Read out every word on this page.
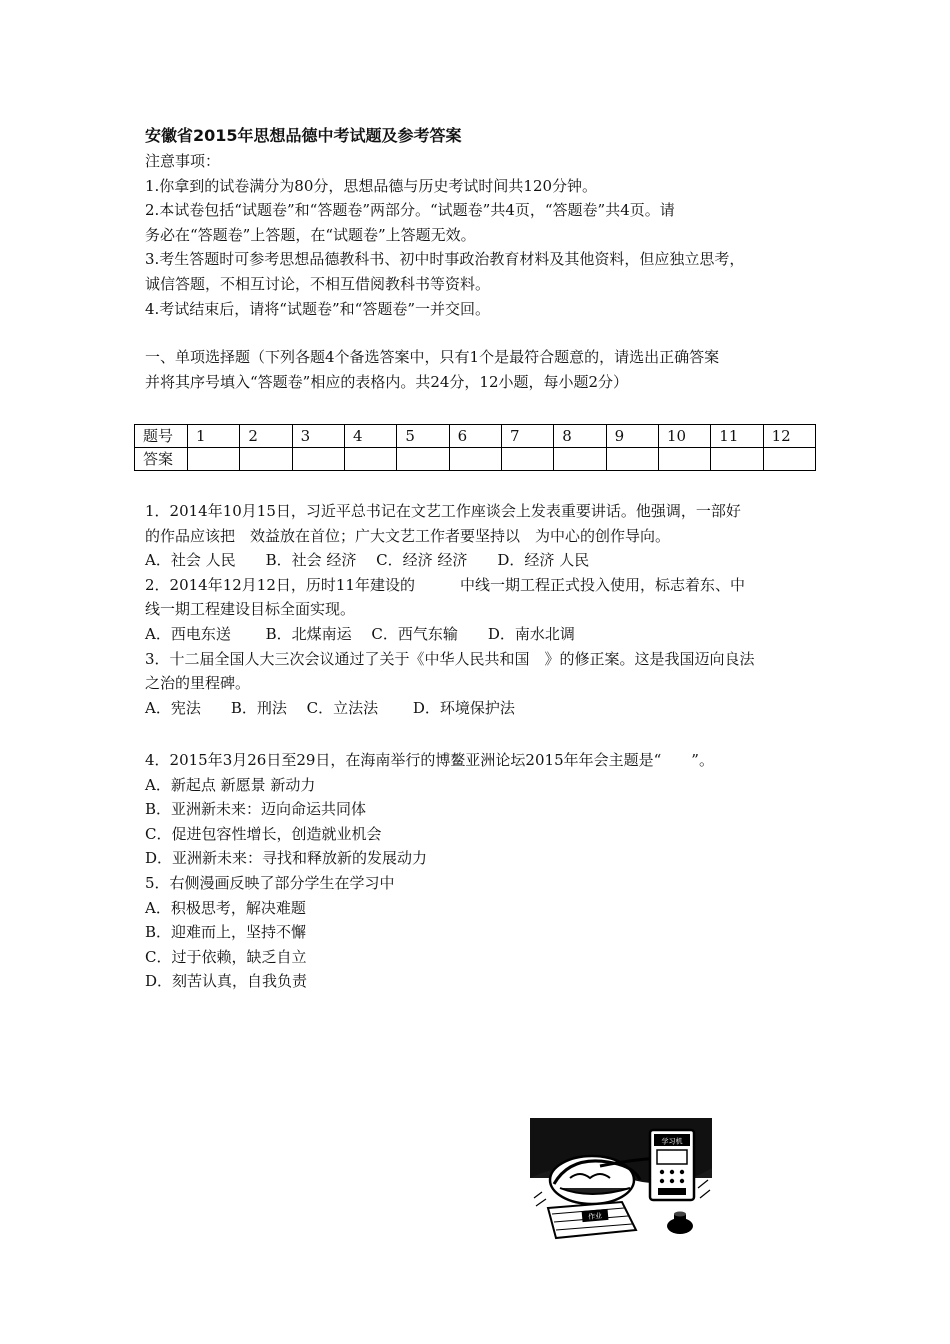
安徽省2015年思想品德中考试题及参考答案
注意事项：
1.你拿到的试卷满分为80分，思想品德与历史考试时间共120分钟。
2.本试卷包括“试题卷”和“答题卷”两部分。“试题卷”共4页，“答题卷”共4页。请
务必在“答题卷”上答题，在“试题卷”上答题无效。
3.考生答题时可参考思想品德教科书、初中时事政治教育材料及其他资料，但应独立思考，
诚信答题，不相互讨论，不相互借阅教科书等资料。
4.考试结束后，请将“试题卷”和“答题卷”一并交回。
一、单项选择题（下列各题4个备选答案中，只有1个是最符合题意的，请选出正确答案
并将其序号填入“答题卷”相应的表格内。共24分，12小题，每小题2分）
题号	1	2	3	4	5	6	7	8	9	10	11	12
答案												
1．2014年10月15日，习近平总书记在文艺工作座谈会上发表重要讲话。他强调，一部好
的作品应该把　效益放在首位；广大文艺工作者要坚持以　为中心的创作导向。
A．社会 人民　　B．社会 经济　 C．经济 经济　　D．经济 人民
2．2014年12月12日，历时11年建设的　　　中线一期工程正式投入使用，标志着东、中
线一期工程建设目标全面实现。
A．西电东送　　 B．北煤南运　 C．西气东输　　D．南水北调
3．十二届全国人大三次会议通过了关于《中华人民共和国　》的修正案。这是我国迈向良法
之治的里程碑。
A．宪法　　B．刑法　 C．立法法　　 D．环境保护法
4．2015年3月26日至29日，在海南举行的博鳌亚洲论坛2015年年会主题是“　　”。
A．新起点 新愿景 新动力
B．亚洲新未来：迈向命运共同体
C．促进包容性增长，创造就业机会
D．亚洲新未来：寻找和释放新的发展动力
5．右侧漫画反映了部分学生在学习中
A．积极思考，解决难题
B．迎难而上，坚持不懈
C．过于依赖，缺乏自立
D．刻苦认真，自我负责
学习机
作业
